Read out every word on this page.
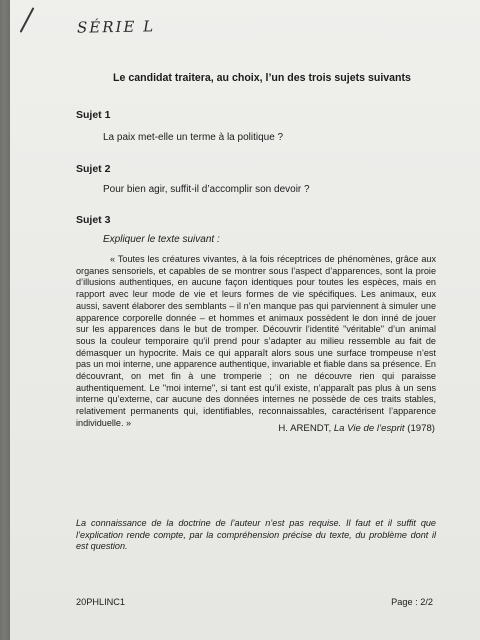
SÉRIE L
Le candidat traitera, au choix, l’un des trois sujets suivants
Sujet 1
La paix met-elle un terme à la politique ?
Sujet 2
Pour bien agir, suffit-il d’accomplir son devoir ?
Sujet 3
Expliquer le texte suivant :

« Toutes les créatures vivantes, à la fois réceptrices de phénomènes, grâce aux organes sensoriels, et capables de se montrer sous l’aspect d’apparences, sont la proie d’illusions authentiques, en aucune façon identiques pour toutes les espèces, mais en rapport avec leur mode de vie et leurs formes de vie spécifiques. Les animaux, eux aussi, savent élaborer des semblants – il n’en manque pas qui parviennent à simuler une apparence corporelle donnée – et hommes et animaux possèdent le don inné de jouer sur les apparences dans le but de tromper. Découvrir l’identité "véritable" d’un animal sous la couleur temporaire qu’il prend pour s’adapter au milieu ressemble au fait de démasquer un hypocrite. Mais ce qui apparaît alors sous une surface trompeuse n’est pas un moi interne, une apparence authentique, invariable et fiable dans sa présence. En découvrant, on met fin à une tromperie ; on ne découvre rien qui paraisse authentiquement. Le "moi interne", si tant est qu’il existe, n’apparaît pas plus à un sens interne qu’externe, car aucune des données internes ne possède de ces traits stables, relativement permanents qui, identifiables, reconnaissables, caractérisent l’apparence individuelle. »

H. ARENDT, La Vie de l’esprit (1978)

La connaissance de la doctrine de l’auteur n’est pas requise. Il faut et il suffit que l’explication rende compte, par la compréhension précise du texte, du problème dont il est question.

20PHLINC1	Page : 2/2
